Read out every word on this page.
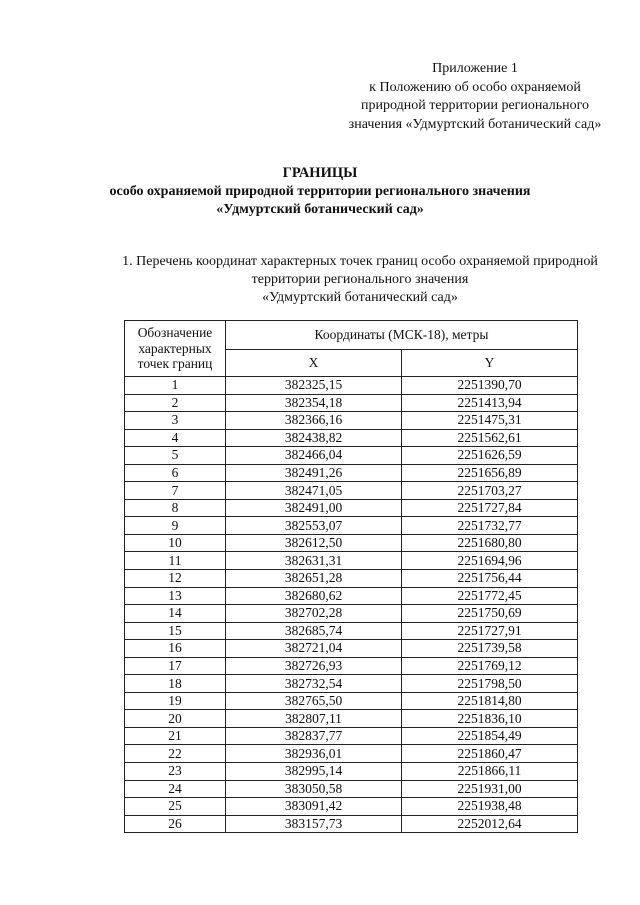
Приложение 1
к Положению об особо охраняемой
природной территории регионального
значения «Удмуртский ботанический сад»
ГРАНИЦЫ
особо охраняемой природной территории регионального значения
«Удмуртский ботанический сад»
1. Перечень координат характерных точек границ особо охраняемой природной
территории регионального значения
«Удмуртский ботанический сад»
Обозначение характерных точек границ	Координаты (МСК-18), метры	
	X	Y
1	382325,15	2251390,70
2	382354,18	2251413,94
3	382366,16	2251475,31
4	382438,82	2251562,61
5	382466,04	2251626,59
6	382491,26	2251656,89
7	382471,05	2251703,27
8	382491,00	2251727,84
9	382553,07	2251732,77
10	382612,50	2251680,80
11	382631,31	2251694,96
12	382651,28	2251756,44
13	382680,62	2251772,45
14	382702,28	2251750,69
15	382685,74	2251727,91
16	382721,04	2251739,58
17	382726,93	2251769,12
18	382732,54	2251798,50
19	382765,50	2251814,80
20	382807,11	2251836,10
21	382837,77	2251854,49
22	382936,01	2251860,47
23	382995,14	2251866,11
24	383050,58	2251931,00
25	383091,42	2251938,48
26	383157,73	2252012,64
